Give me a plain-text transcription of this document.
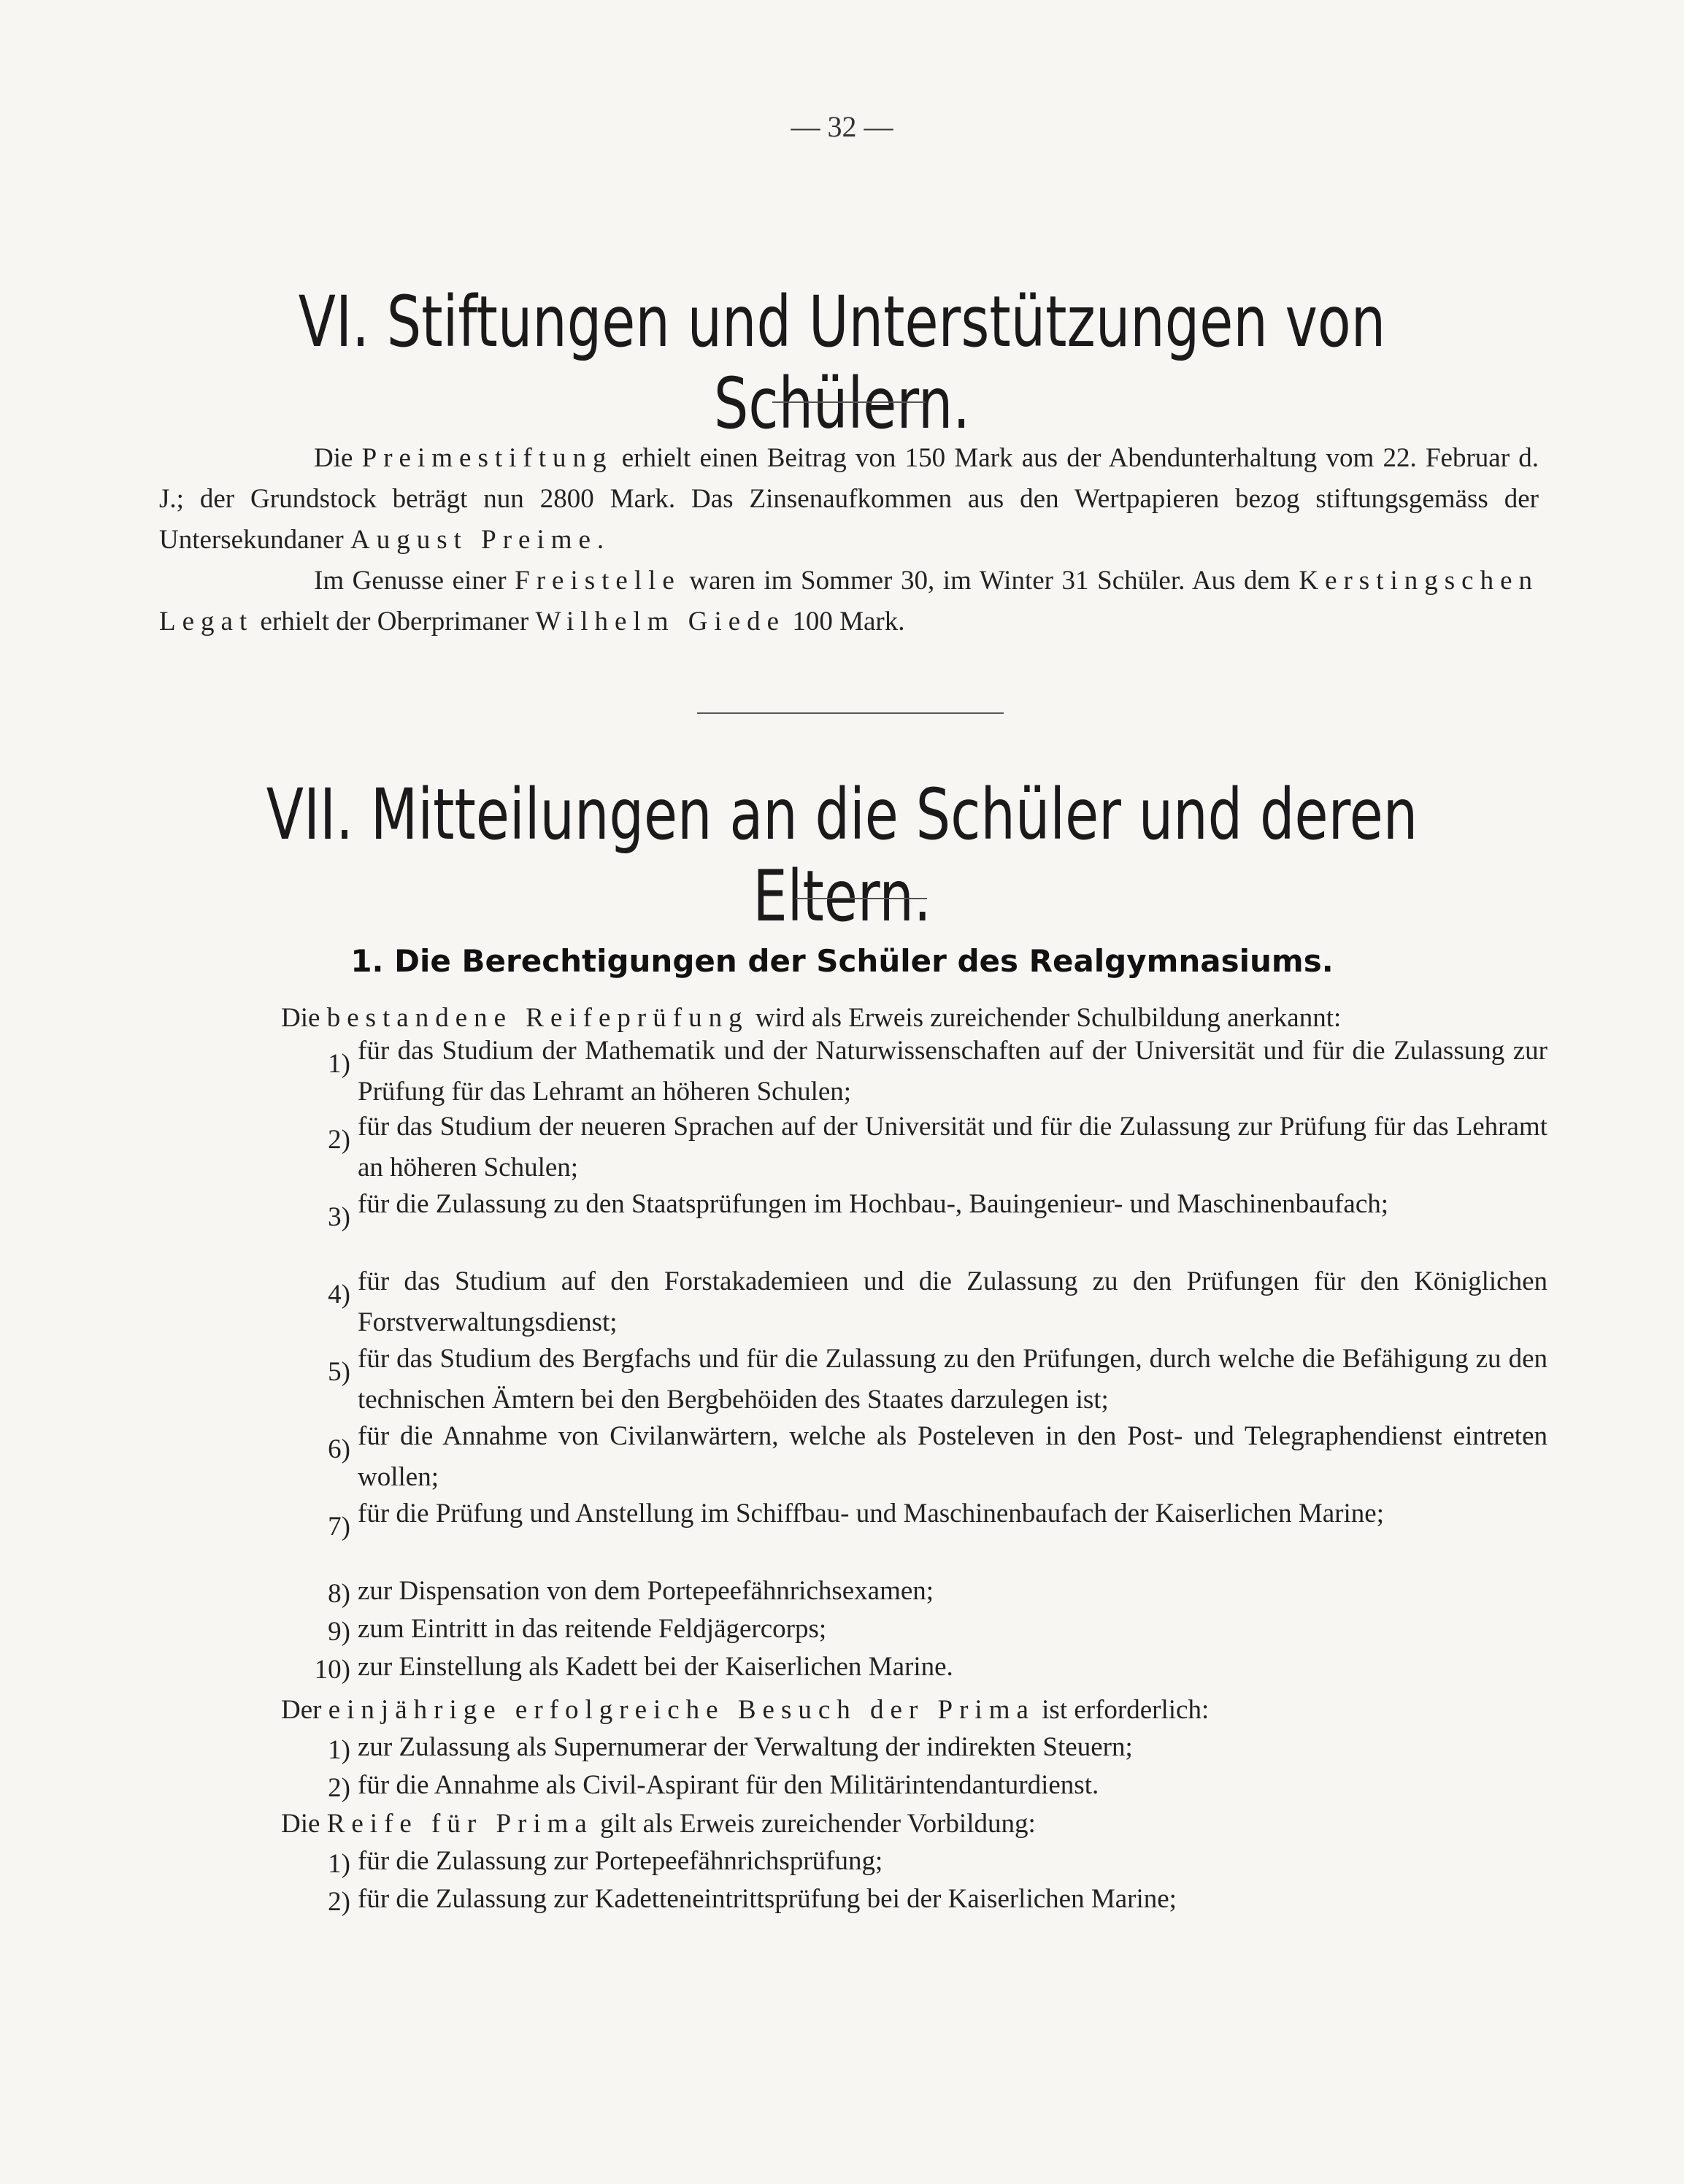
— 32 —
VI. Stiftungen und Unterstützungen von Schülern.

Die Preimestiftung erhielt einen Beitrag von 150 Mark aus der Abendunterhaltung vom 22. Februar d. J.; der Grundstock beträgt nun 2800 Mark. Das Zinsenaufkommen aus den Wertpapieren bezog stiftungsgemäss der Untersekundaner August Preime.

Im Genusse einer Freistelle waren im Sommer 30, im Winter 31 Schüler. Aus dem Kerstingschen Legat erhielt der Oberprimaner Wilhelm Giede 100 Mark.

VII. Mitteilungen an die Schüler und deren Eltern.
1. Die Berechtigungen der Schüler des Realgymnasiums.
Die bestandene Reifeprüfung wird als Erweis zureichender Schulbildung anerkannt:
1) für das Studium der Mathematik und der Naturwissenschaften auf der Universität und für die Zulassung zur Prüfung für das Lehramt an höheren Schulen;

2) für das Studium der neueren Sprachen auf der Universität und für die Zulassung zur Prüfung für das Lehramt an höheren Schulen;

3) für die Zulassung zu den Staatsprüfungen im Hochbau-, Bauingenieur- und Maschinenbaufach;

4) für das Studium auf den Forstakademieen und die Zulassung zu den Prüfungen für den Königlichen Forstverwaltungsdienst;

5) für das Studium des Bergfachs und für die Zulassung zu den Prüfungen, durch welche die Befähigung zu den technischen Ämtern bei den Bergbehöiden des Staates darzulegen ist;

6) für die Annahme von Civilanwärtern, welche als Posteleven in den Post- und Telegraphendienst eintreten wollen;

7) für die Prüfung und Anstellung im Schiffbau- und Maschinenbaufach der Kaiserlichen Marine;

8) zur Dispensation von dem Portepeefähnrichsexamen;

9) zum Eintritt in das reitende Feldjägercorps;

10) zur Einstellung als Kadett bei der Kaiserlichen Marine.

Der einjährige erfolgreiche Besuch der Prima ist erforderlich:
1) zur Zulassung als Supernumerar der Verwaltung der indirekten Steuern;

2) für die Annahme als Civil-Aspirant für den Militärintendanturdienst.

Die Reife für Prima gilt als Erweis zureichender Vorbildung:
1) für die Zulassung zur Portepeefähnrichsprüfung;

2) für die Zulassung zur Kadetteneintrittsprüfung bei der Kaiserlichen Marine;
